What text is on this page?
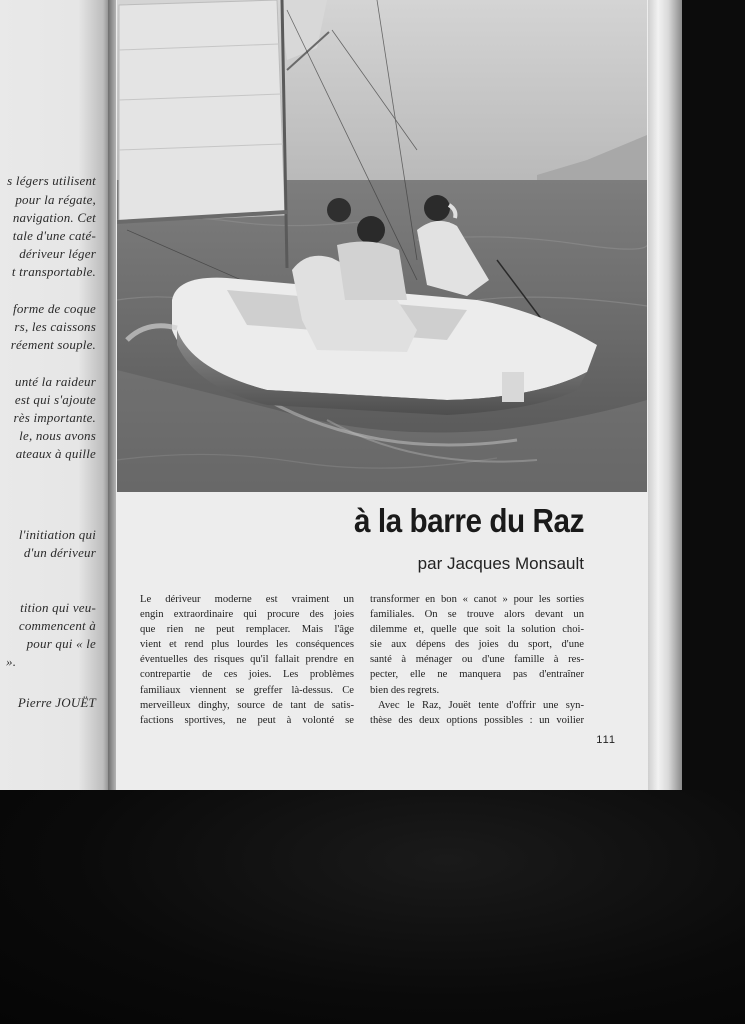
s légers utilisent
pour la régate,
navigation. Cet
tale d'une caté-
dériveur léger
t transportable.
forme de coque
rs, les caissons
réement souple.
unté la raideur
est qui s'ajoute
rès importante.
le, nous avons
ateaux à quille
l'initiation qui
d'un dériveur
tition qui veu-
commencent à
pour qui « le
».
Pierre JOUËT
à la barre du Raz
par Jacques Monsault
Le dériveur moderne est vraiment un
engin extraordinaire qui procure des joies
que rien ne peut remplacer. Mais l'âge
vient et rend plus lourdes les conséquences
éventuelles des risques qu'il fallait prendre en
contrepartie de ces joies. Les problèmes
familiaux viennent se greffer là-dessus. Ce
merveilleux dinghy, source de tant de satis-
factions sportives, ne peut à volonté se
transformer en bon « canot » pour les sorties
familiales. On se trouve alors devant un
dilemme et, quelle que soit la solution choi-
sie aux dépens des joies du sport, d'une
santé à ménager ou d'une famille à res-
pecter, elle ne manquera pas d'entraîner
bien des regrets.
Avec le Raz, Jouët tente d'offrir une syn-
thèse des deux options possibles : un voilier
111
